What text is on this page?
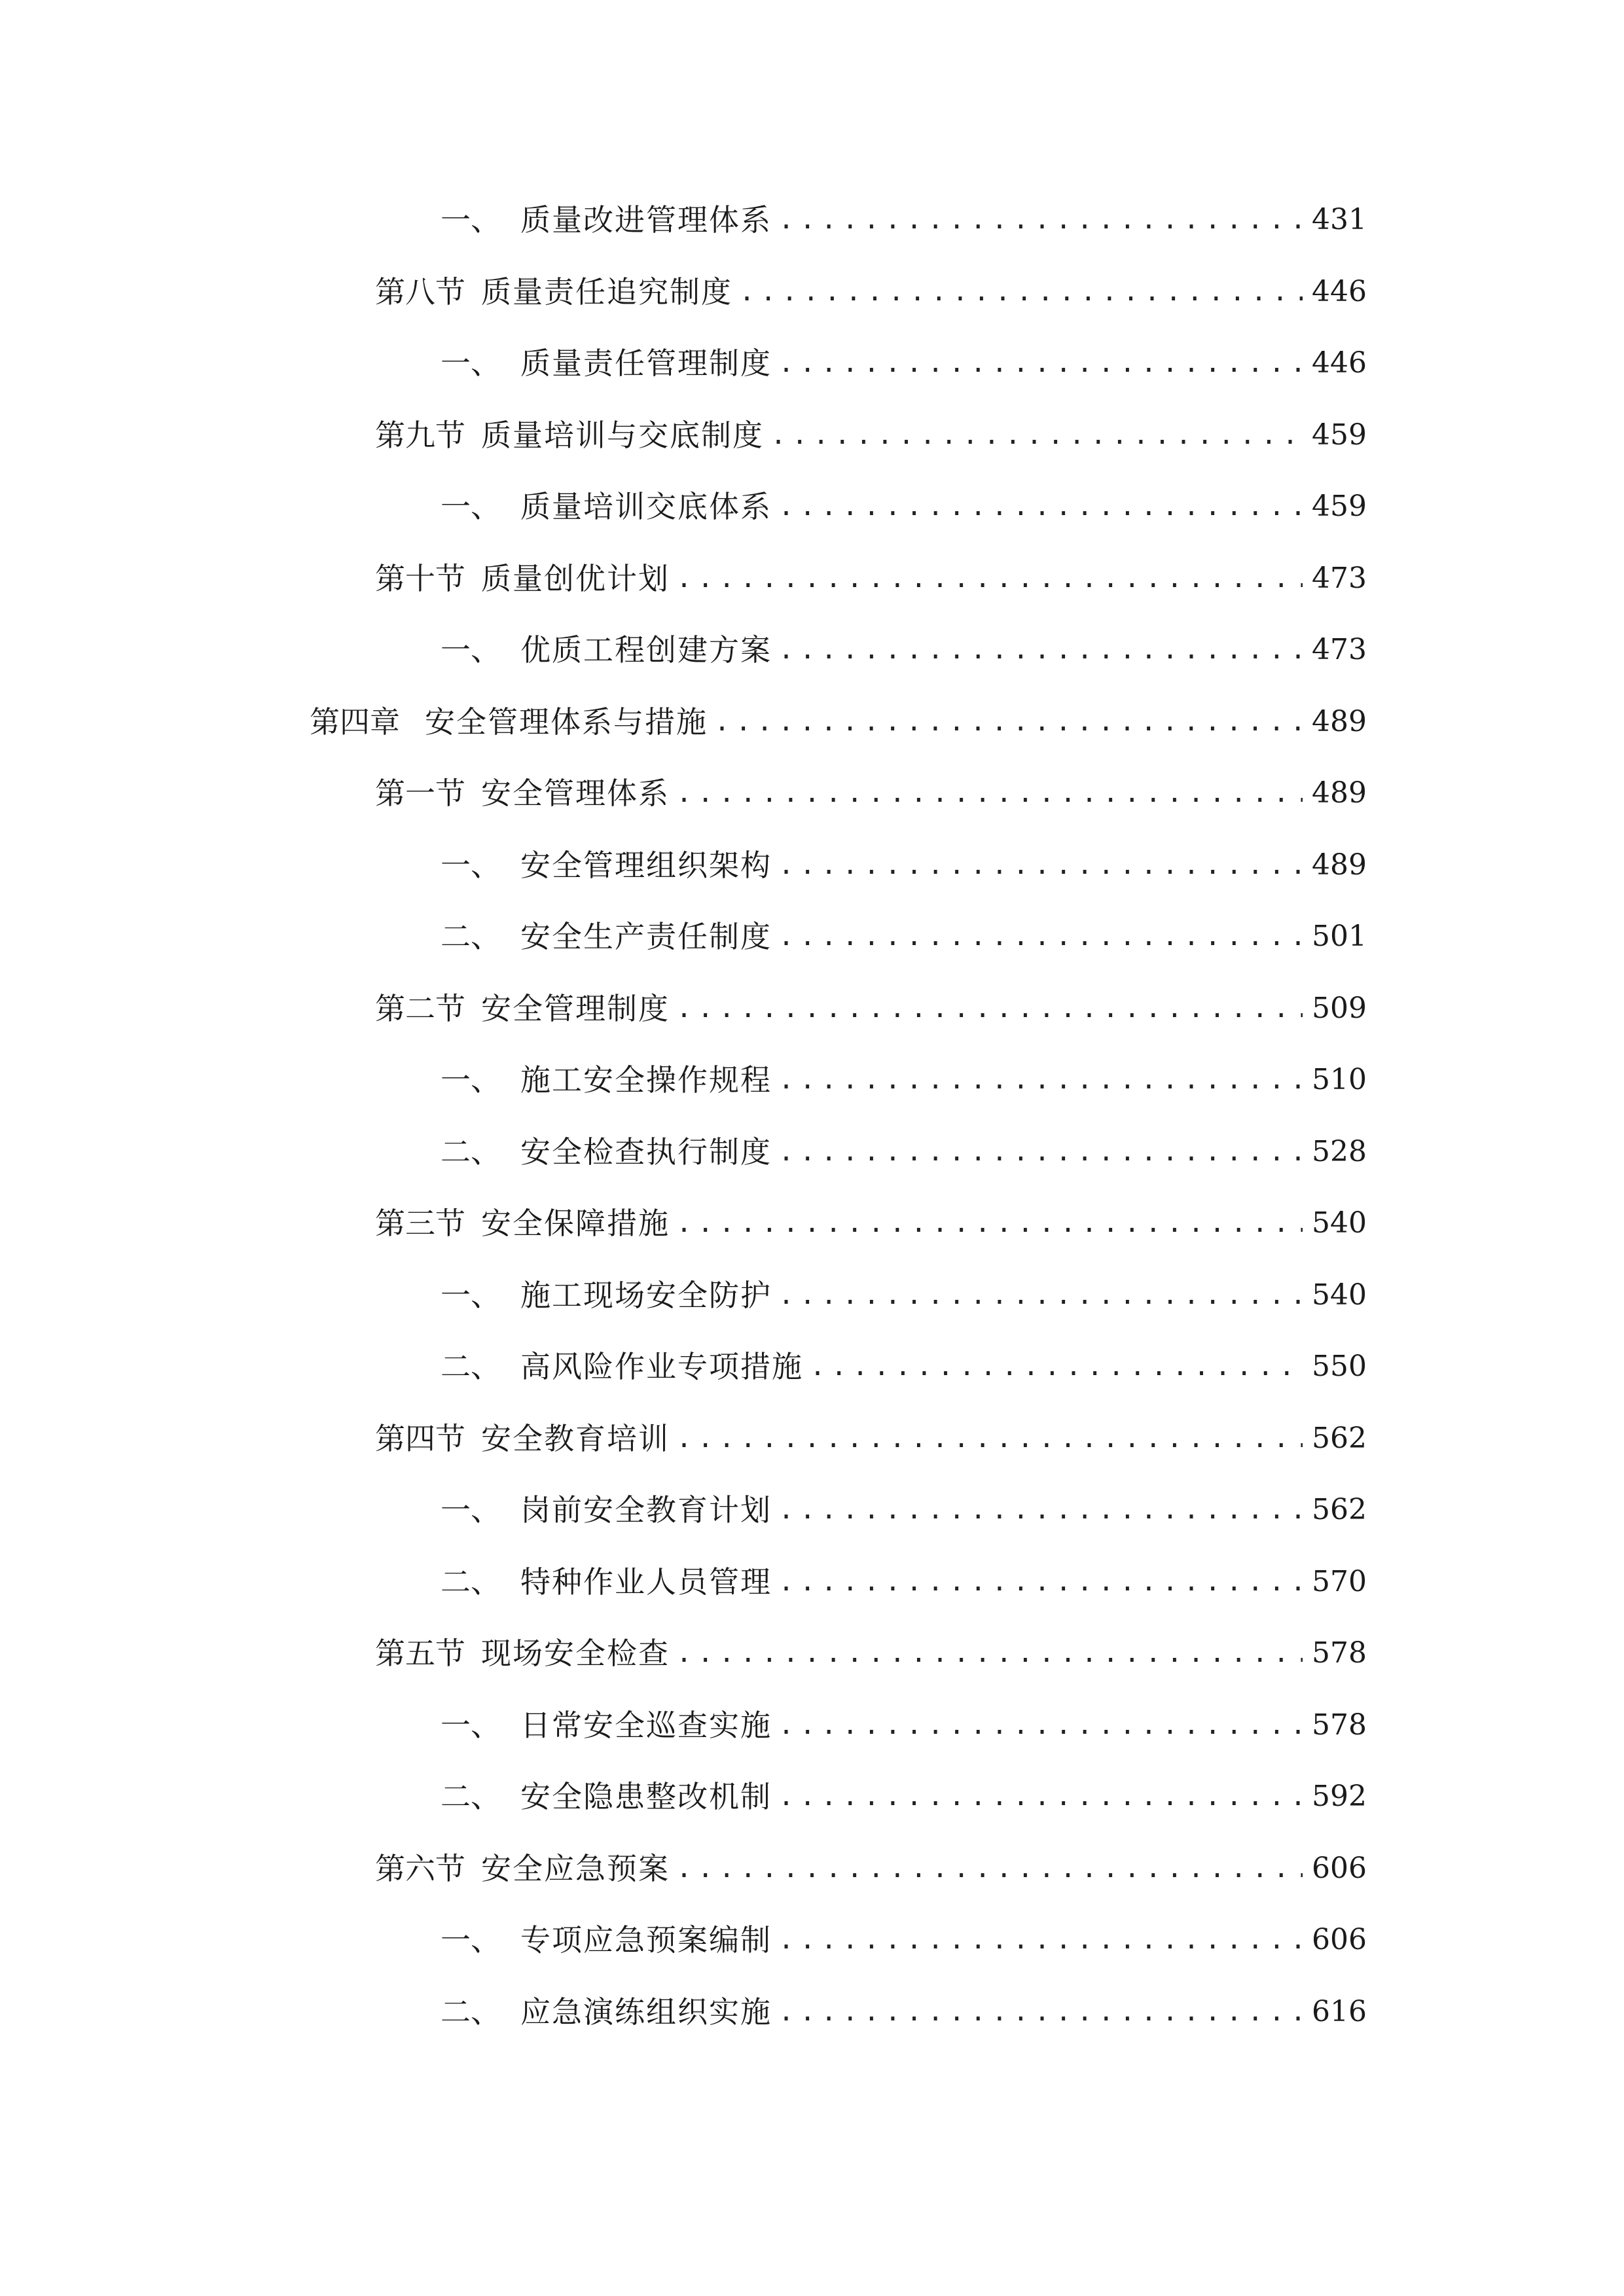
一、 质量改进管理体系 .....	431
第八节 质量责任追究制度 .....	446
一、 质量责任管理制度 .....	446
第九节 质量培训与交底制度 .....	459
一、 质量培训交底体系 .....	459
第十节 质量创优计划 .....	473
一、 优质工程创建方案 .....	473
第四章 安全管理体系与措施 .....	489
第一节 安全管理体系 .....	489
一、 安全管理组织架构 .....	489
二、 安全生产责任制度 .....	501
第二节 安全管理制度 .....	509
一、 施工安全操作规程 .....	510
二、 安全检查执行制度 .....	528
第三节 安全保障措施 .....	540
一、 施工现场安全防护 .....	540
二、 高风险作业专项措施 .....	550
第四节 安全教育培训 .....	562
一、 岗前安全教育计划 .....	562
二、 特种作业人员管理 .....	570
第五节 现场安全检查 .....	578
一、 日常安全巡查实施 .....	578
二、 安全隐患整改机制 .....	592
第六节 安全应急预案 .....	606
一、 专项应急预案编制 .....	606
二、 应急演练组织实施 .....	616
